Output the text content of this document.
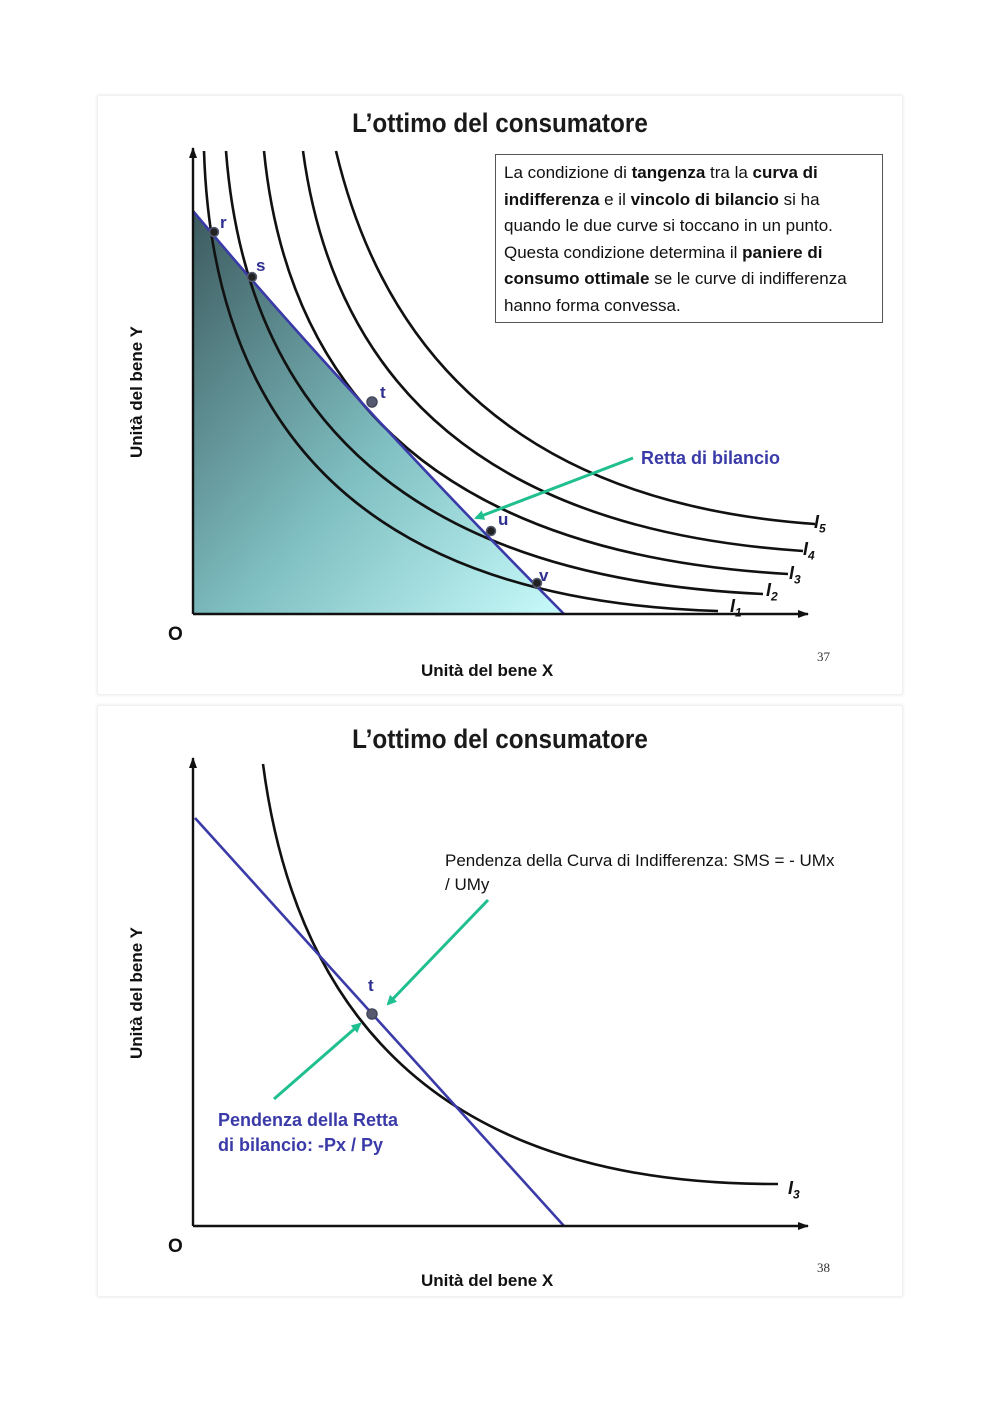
L’ottimo del consumatore
La condizione di tangenza tra la curva di indifferenza e il vincolo di bilancio si ha quando le due curve si toccano in un punto. Questa condizione determina il paniere di consumo ottimale se le curve di indifferenza hanno forma convessa.
Unità del bene Y
Unità del bene X
O
37
r
s
t
u
v
Retta di bilancio
$I_5$
$I_4$
$I_3$
$I_2$
$I_1$
L’ottimo del consumatore
Unità del bene Y
Unità del bene X
O
38
t
Pendenza della Curva di Indifferenza: SMS = - UMx / UMy
Pendenza della Retta
di bilancio: -Px / Py
$I_3$
